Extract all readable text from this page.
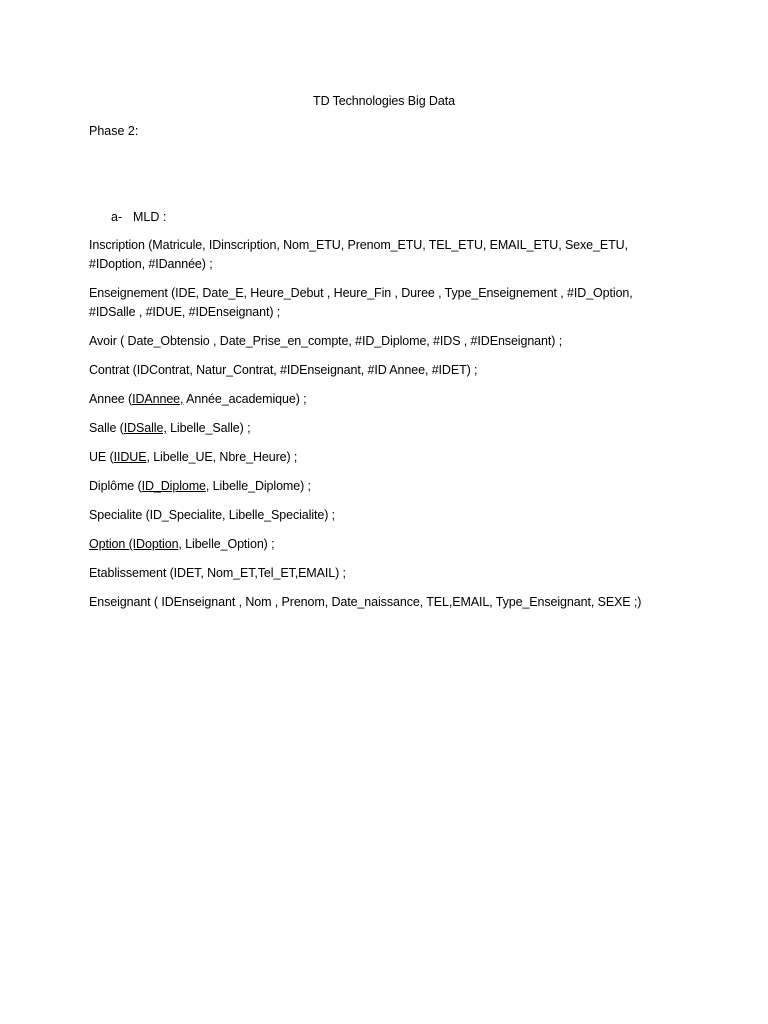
TD Technologies Big Data
Phase 2:
a- MLD :

Inscription (Matricule, IDinscription, Nom_ETU, Prenom_ETU, TEL_ETU, EMAIL_ETU, Sexe_ETU,
#IDoption, #IDannée) ;

Enseignement (IDE, Date_E, Heure_Debut , Heure_Fin , Duree , Type_Enseignement , #ID_Option,
#IDSalle , #IDUE, #IDEnseignant) ;

Avoir ( Date_Obtensio , Date_Prise_en_compte, #ID_Diplome, #IDS , #IDEnseignant) ;

Contrat (IDContrat, Natur_Contrat, #IDEnseignant, #ID Annee, #IDET) ;

Annee (IDAnnee, Année_academique) ;

Salle (IDSalle, Libelle_Salle) ;

UE (IIDUE, Libelle_UE, Nbre_Heure) ;

Diplôme (ID_Diplome, Libelle_Diplome) ;

Specialite (ID_Specialite, Libelle_Specialite) ;

Option (IDoption, Libelle_Option) ;

Etablissement (IDET, Nom_ET,Tel_ET,EMAIL) ;

Enseignant ( IDEnseignant , Nom , Prenom, Date_naissance, TEL,EMAIL, Type_Enseignant, SEXE ;)
